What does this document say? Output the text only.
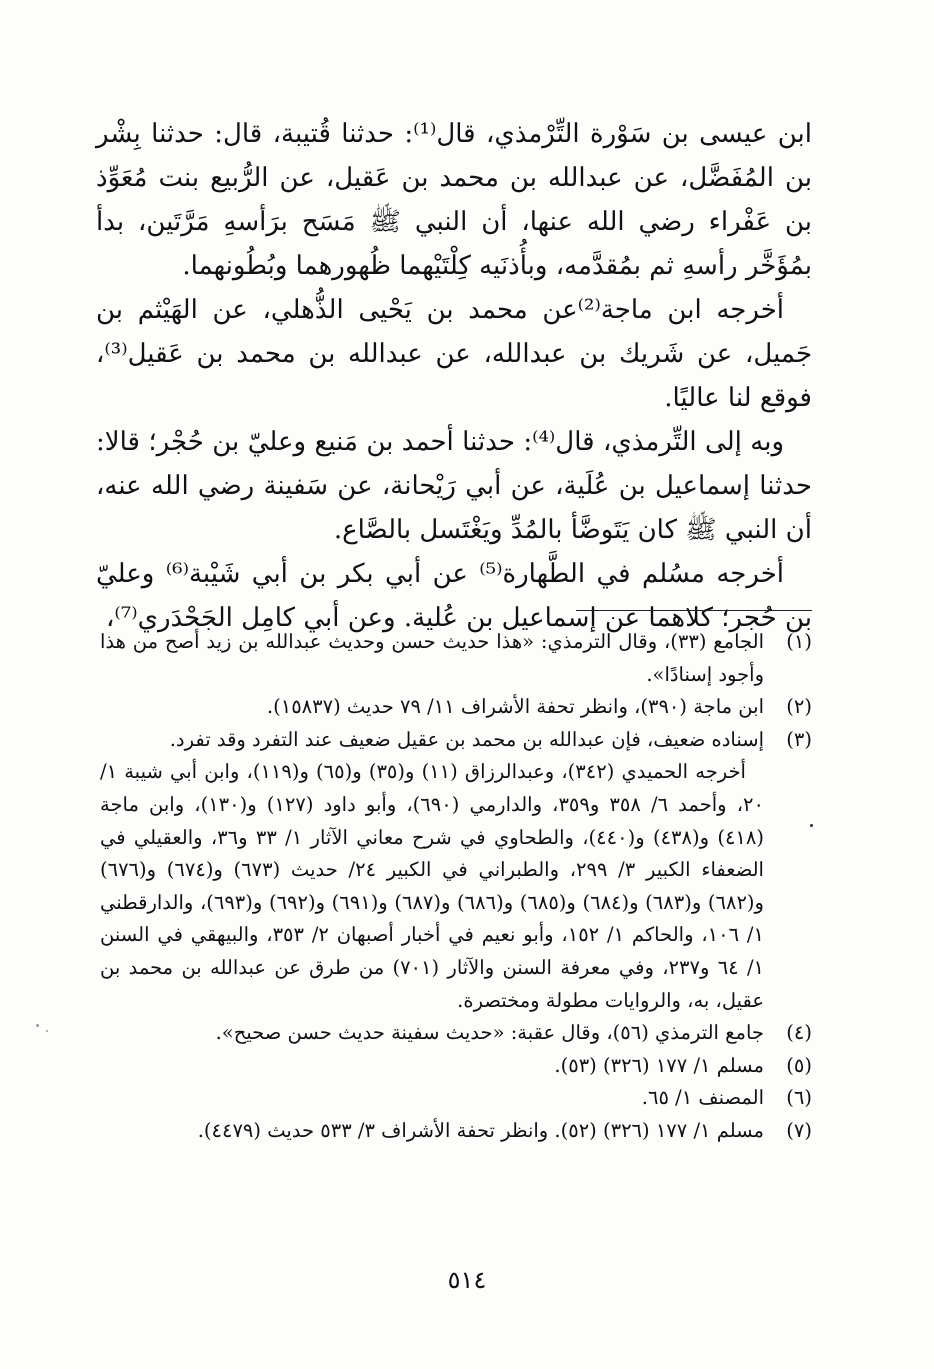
ابن عيسى بن سَوْرة التِّرْمذي، قال⁽¹⁾: حدثنا قُتيبة، قال: حدثنا بِشْر بن المُفَضَّل، عن عبدالله بن محمد بن عَقيل، عن الرُّبيع بنت مُعَوِّذ بن عَفْراء رضي الله عنها، أن النبي ﷺ مَسَح برَأسهِ مَرَّتَين، بدأ بمُؤَخَّر رأسهِ ثم بمُقدَّمه، وبأُذنَيه كِلْتَيْهما ظُهورهما وبُطُونهما.

أخرجه ابن ماجة⁽²⁾عن محمد بن يَحْيى الذُّهلي، عن الهَيْثم بن جَميل، عن شَريك بن عبدالله، عن عبدالله بن محمد بن عَقيل⁽³⁾، فوقع لنا عاليًا.

وبه إلى التِّرمذي، قال⁽⁴⁾: حدثنا أحمد بن مَنيع وعليّ بن حُجْر؛ قالا: حدثنا إسماعيل بن عُلَية، عن أبي رَيْحانة، عن سَفينة رضي الله عنه، أن النبي ﷺ كان يَتَوضَّأ بالمُدِّ ويَغْتَسل بالصَّاع.

أخرجه مسُلم في الطَّهارة⁽⁵⁾ عن أبي بكر بن أبي شَيْبة⁽⁶⁾ وعليّ بن حُجر؛ كلاهما عن إسماعيل بن عُلية. وعن أبي كامِل الجَحْدَري⁽⁷⁾،

(١)

الجامع (٣٣)، وقال الترمذي: «هذا حديث حسن وحديث عبدالله بن زيد أصح من هذا وأجود إسنادًا».

(٢)

ابن ماجة (٣٩٠)، وانظر تحفة الأشراف ١١/ ٧٩ حديث (١٥٨٣٧).

(٣)

إسناده ضعيف، فإن عبدالله بن محمد بن عقيل ضعيف عند التفرد وقد تفرد.

أخرجه الحميدي (٣٤٢)، وعبدالرزاق (١١) و(٣٥) و(٦٥) و(١١٩)، وابن أبي شيبة ١/ ٢٠، وأحمد ٦/ ٣٥٨ و٣٥٩، والدارمي (٦٩٠)، وأبو داود (١٢٧) و(١٣٠)، وابن ماجة (٤١٨) و(٤٣٨) و(٤٤٠)، والطحاوي في شرح معاني الآثار ١/ ٣٣ و٣٦، والعقيلي في الضعفاء الكبير ٣/ ٢٩٩، والطبراني في الكبير ٢٤/ حديث (٦٧٣) و(٦٧٤) و(٦٧٦) و(٦٨٢) و(٦٨٣) و(٦٨٤) و(٦٨٥) و(٦٨٦) و(٦٨٧) و(٦٩١) و(٦٩٢) و(٦٩٣)، والدارقطني ١/ ١٠٦، والحاكم ١/ ١٥٢، وأبو نعيم في أخبار أصبهان ٢/ ٣٥٣، والبيهقي في السنن ١/ ٦٤ و٢٣٧، وفي معرفة السنن والآثار (٧٠١) من طرق عن عبدالله بن محمد بن عقيل، به، والروايات مطولة ومختصرة.

(٤)

جامع الترمذي (٥٦)، وقال عقبة: «حديث سفينة حديث حسن صحيح».

(٥)

مسلم ١/ ١٧٧ (٣٢٦) (٥٣).

(٦)

المصنف ١/ ٦٥.

(٧)

مسلم ١/ ١٧٧ (٣٢٦) (٥٢). وانظر تحفة الأشراف ٣/ ٥٣٣ حديث (٤٤٧٩).

٥١٤
